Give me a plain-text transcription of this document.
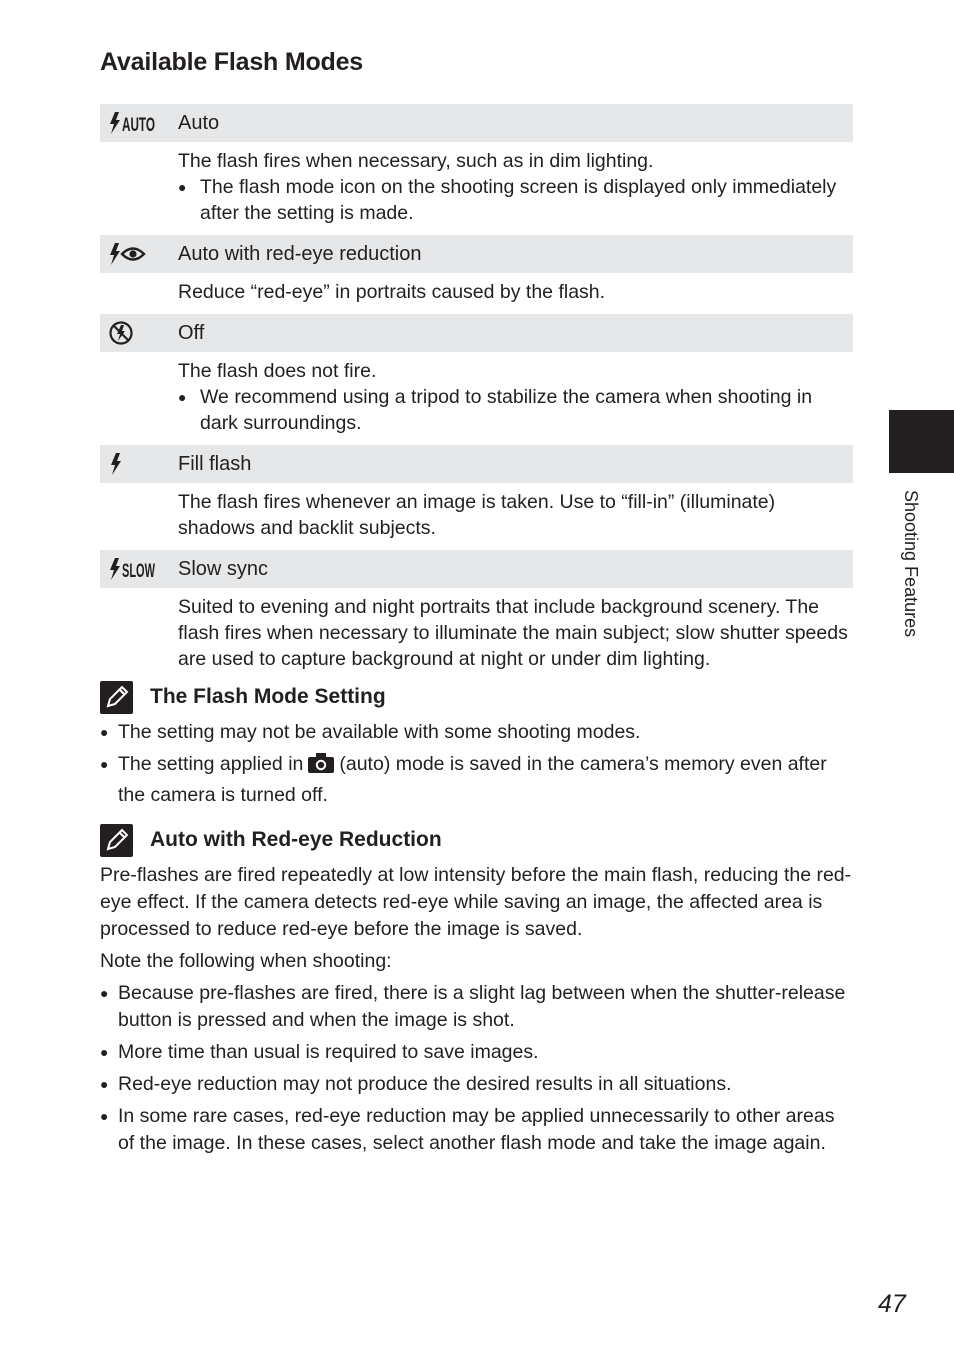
Available Flash Modes
AUTO Auto

The flash fires when necessary, such as in dim lighting.

● The flash mode icon on the shooting screen is displayed only immediately after the setting is made.
Auto with red-eye reduction

Reduce “red-eye” in portraits caused by the flash.

Off

The flash does not fire.

● We recommend using a tripod to stabilize the camera when shooting in dark surroundings.
Fill flash

The flash fires whenever an image is taken. Use to “fill-in” (illuminate) shadows and backlit subjects.

SLOW Slow sync

Suited to evening and night portraits that include background scenery. The flash fires when necessary to illuminate the main subject; slow shutter speeds are used to capture background at night or under dim lighting.

The Flash Mode Setting
● The setting may not be available with some shooting modes.
● The setting applied in (auto) mode is saved in the camera’s memory even after the camera is turned off.
Auto with Red-eye Reduction

Pre-flashes are fired repeatedly at low intensity before the main flash, reducing the red-eye effect. If the camera detects red-eye while saving an image, the affected area is processed to reduce red-eye before the image is saved.

Note the following when shooting:

● Because pre-flashes are fired, there is a slight lag between when the shutter-release button is pressed and when the image is shot.
● More time than usual is required to save images.
● Red-eye reduction may not produce the desired results in all situations.
● In some rare cases, red-eye reduction may be applied unnecessarily to other areas of the image. In these cases, select another flash mode and take the image again.
Shooting Features
47
